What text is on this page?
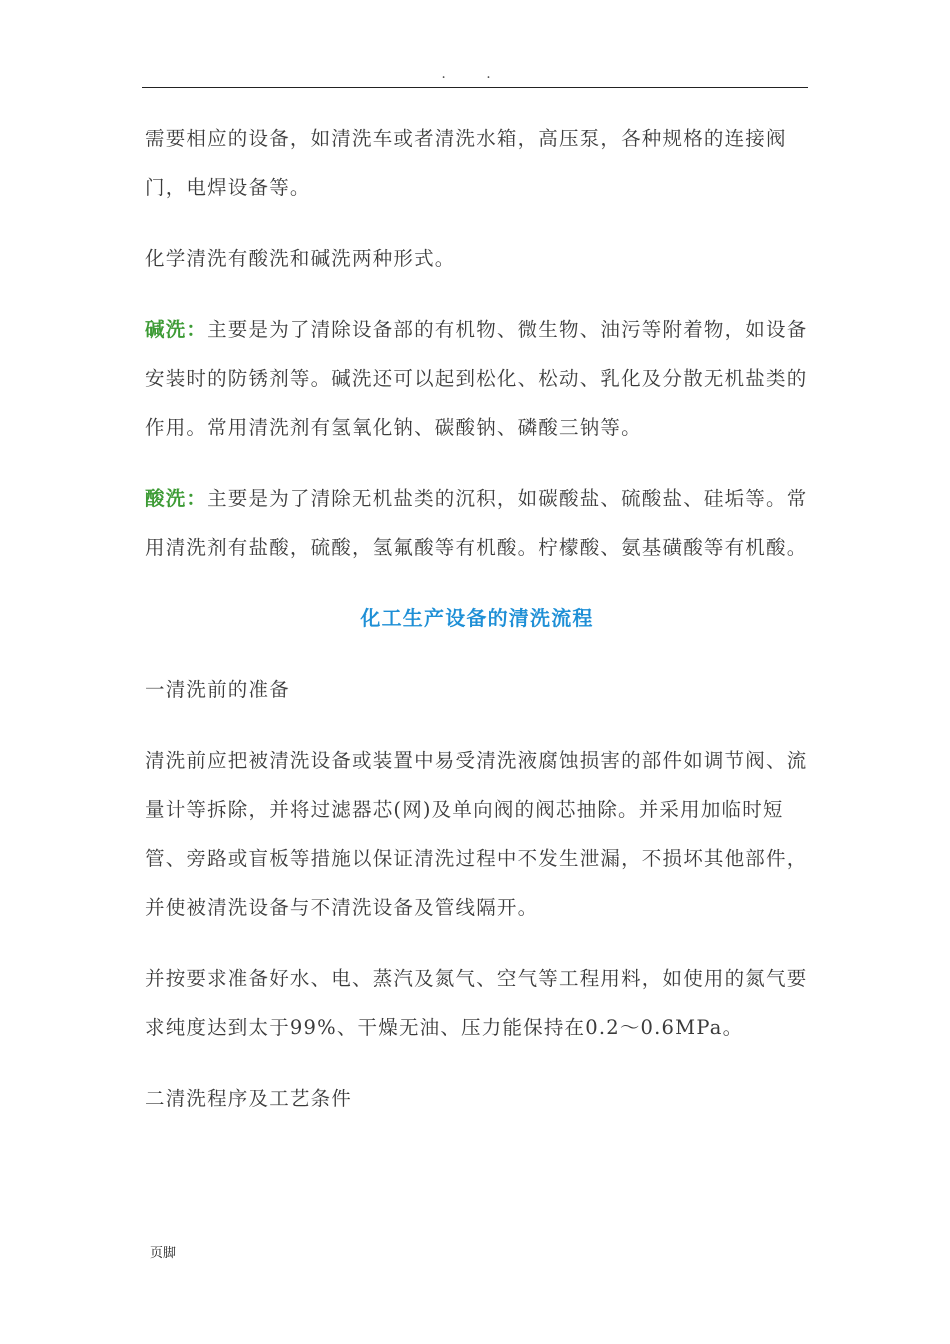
. .

需要相应的设备，如清洗车或者清洗水箱，高压泵，各种规格的连接阀门，电焊设备等。

化学清洗有酸洗和碱洗两种形式。

碱洗：主要是为了清除设备部的有机物、微生物、油污等附着物，如设备安装时的防锈剂等。碱洗还可以起到松化、松动、乳化及分散无机盐类的作用。常用清洗剂有氢氧化钠、碳酸钠、磷酸三钠等。

酸洗：主要是为了清除无机盐类的沉积，如碳酸盐、硫酸盐、硅垢等。常用清洗剂有盐酸，硫酸，氢氟酸等有机酸。柠檬酸、氨基磺酸等有机酸。

化工生产设备的清洗流程

一清洗前的准备

清洗前应把被清洗设备或装置中易受清洗液腐蚀损害的部件如调节阀、流量计等拆除，并将过滤器芯(网)及单向阀的阀芯抽除。并采用加临时短管、旁路或盲板等措施以保证清洗过程中不发生泄漏，不损坏其他部件，并使被清洗设备与不清洗设备及管线隔开。

并按要求准备好水、电、蒸汽及氮气、空气等工程用料，如使用的氮气要求纯度达到太于99%、干燥无油、压力能保持在0.2～0.6MPa。

二清洗程序及工艺条件

页脚
